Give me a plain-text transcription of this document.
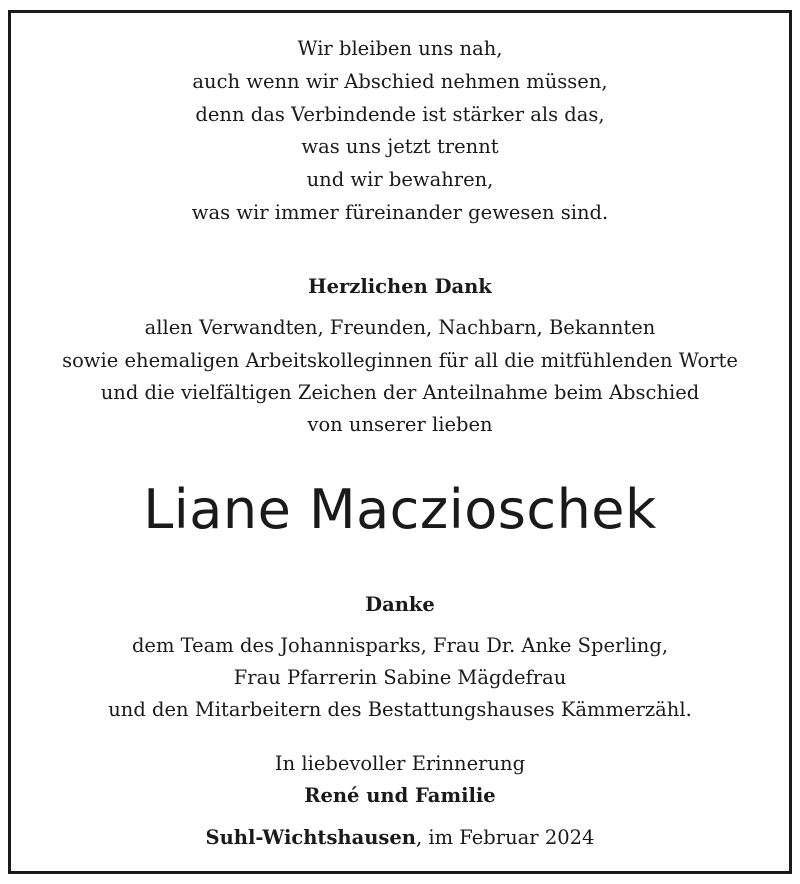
Wir bleiben uns nah,
auch wenn wir Abschied nehmen müssen,
denn das Verbindende ist stärker als das,
was uns jetzt trennt
und wir bewahren,
was wir immer füreinander gewesen sind.
Herzlichen Dank
allen Verwandten, Freunden, Nachbarn, Bekannten
sowie ehemaligen Arbeitskolleginnen für all die mitfühlenden Worte
und die vielfältigen Zeichen der Anteilnahme beim Abschied
von unserer lieben
Liane Maczioschek
Danke
dem Team des Johannisparks, Frau Dr. Anke Sperling,
Frau Pfarrerin Sabine Mägdefrau
und den Mitarbeitern des Bestattungshauses Kämmerzähl.
In liebevoller Erinnerung
René und Familie
Suhl-Wichtshausen, im Februar 2024
